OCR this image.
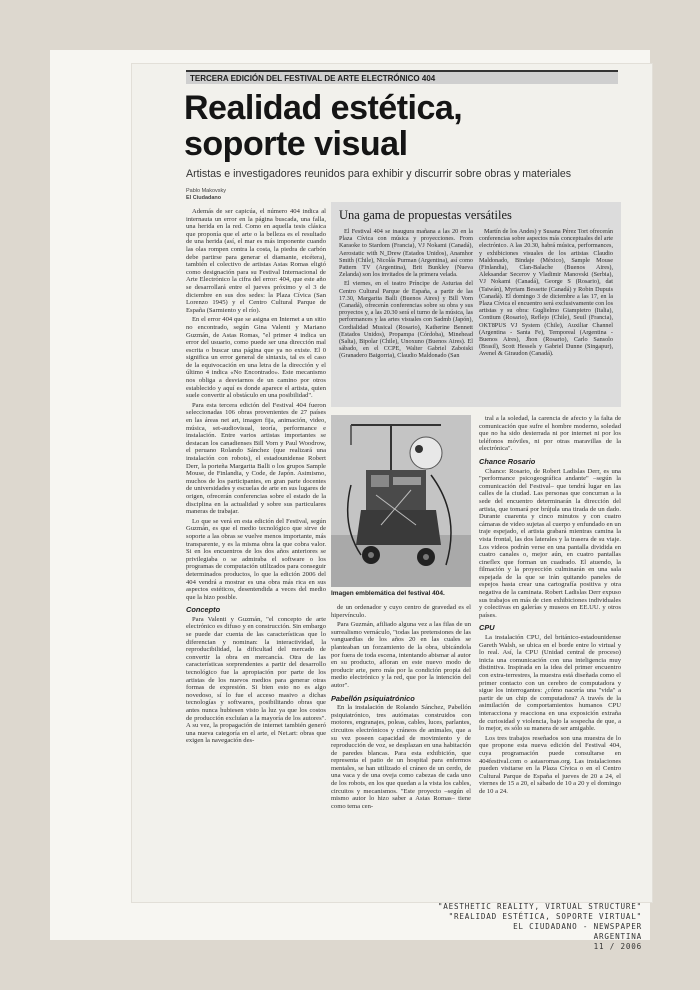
TERCERA EDICIÓN DEL FESTIVAL DE ARTE ELECTRÓNICO 404
Realidad estética,
soporte visual
Artistas e investigadores reunidos para exhibir y discurrir sobre obras y materiales
Pablo Makovsky
El Ciudadano

Además de ser capicúa, el número 404 indica al internauta un error en la página buscada, una falla, una herida en la red. Como en aquella tesis clásica que proponía que el arte o la belleza es el resultado de una herida (así, el mar es más imponente cuando las olas rompen contra la costa, la piedra de carbón debe partirse para generar el diamante, etcétera), también el colectivo de artistas Astas Romas eligió como designación para su Festival Internacional de Arte Electrónico la cifra del error: 404, que este año se desarrollará entre el jueves próximo y el 3 de diciembre en sus dos sedes: la Plaza Cívica (San Lorenzo 1945) y el Centro Cultural Parque de España (Sarmiento y el río).

En el error 404 que se asigna en Internet a un sitio no encontrado, según Gina Valenti y Mariano Guzmán, de Astas Romas, "el primer 4 indica un error del usuario, como puede ser una dirección mal escrita o buscar una página que ya no existe. El 0 significa un error general de sintaxis, tal es el caso de la equivocación en una letra de la dirección y el último 4 indica «No Encontrado». Este mecanismo nos obliga a desviarnos de un camino por otros establecido y aquí es donde aparece el artista, quien suele convertir al obstáculo en una posibilidad".

Para esta tercera edición del Festival 404 fueron seleccionadas 106 obras provenientes de 27 países en las áreas net art, imagen fija, animación, video, música, set-audiovisual, teoría, performance e instalación. Entre varios artistas importantes se destacan los canadienses Bill Vorn y Paul Woodrow, el peruano Rolando Sánchez (que realizará una instalación con robots), el estadounidense Robert Derr, la porteña Margarita Balli o los grupos Sample Mouse, de Finlandia, y Code, de Japón. Asimismo, muchos de los participantes, en gran parte docentes de universidades y escuelas de arte en sus lugares de origen, ofrecerán conferencias sobre el estado de la disciplina en la actualidad y sobre sus particulares maneras de trabajar.

Lo que se verá en esta edición del Festival, según Guzmán, es que el medio tecnológico que sirve de soporte a las obras se vuelve menos importante, más transparente, y es la misma obra la que cobra valor. Si en los encuentros de los dos años anteriores se privilegiaba o se admiraba el software o los programas de computación utilizados para conseguir determinados productos, lo que la edición 2006 del 404 vendrá a mostrar es una obra más rica en sus aspectos estéticos, desentendida a veces del medio que la hizo posible.

Concepto

Para Valenti y Guzmán, "el concepto de arte electrónico es difuso y en construcción. Sin embargo se puede dar cuenta de las características que lo diferencian y nominan: la interactividad, la reproducibilidad, la dificultad del mercado de convertir la obra en mercancía. Otra de las características sorprendentes a partir del desarrollo tecnológico fue la apropiación por parte de los artistas de los nuevos medios para generar otras formas de expresión. Si bien esto no es algo novedoso, sí lo fue el acceso masivo a dichas tecnologías y softwares, posibilitando obras que antes nunca hubiesen visto la luz ya que los costos de producción excluían a la mayoría de los autores". A su vez, la propagación de internet también generó una nueva categoría en el arte, el Net.art: obras que exigen la navegación des-

Una gama de propuestas versátiles

El Festival 404 se inaugura mañana a las 20 en la Plaza Cívica con música y proyecciones. From Karaoke to Stardom (Francia), VJ Nokami (Canadá), Aerostatic with N_Drew (Estados Unidos), Anamhor Smith (Chile), Nicolás Purman (Argentina), así como Pattern TV (Argentina), Brit Bunkley (Nueva Zelanda) son los invitados de la primera velada.

El viernes, en el teatro Príncipe de Asturias del Centro Cultural Parque de España, a partir de las 17.30, Margarita Balli (Buenos Aires) y Bill Vorn (Canadá), ofrecerán conferencias sobre su obra y sus proyectos y, a las 20.30 será el turno de la música, las performances y las artes visuales con Sadmb (Japón), Cordialidad Musical (Rosario), Katherine Bennett (Estados Unidos), Propampa (Córdoba), Minehead (Salta), Bipolar (Chile), Unoxuno (Buenos Aires). El sábado, en el CCPE, Walter Gabriel Zaboiski (Granadero Baigorria), Claudio Maldonado (San

Martín de los Andes) y Susana Pérez Tort ofrecerán conferencias sobre aspectos más conceptuales del arte electrónico. A las 20.30, habrá música, performances, y exhibiciones visuales de los artistas Claudio Maldonado, Bindaje (México), Sample Mouse (Finlandia), Clan-Balache (Buenos Aires), Aleksandar Secerov y Vladimir Manovski (Serbia), VJ Nokami (Canadá), George S (Rosario), dat (Taiwán), Myriam Bessette (Canadá) y Robin Dupuis (Canadá). El domingo 3 de diciembre a las 17, en la Plaza Cívica el encuentro será exclusivamente con los artistas y su obra: Guglielmo Giampietro (Italia), Contium (Rosario), Reflejo (Chile), Seuil (Francia), OKT8PUS VJ System (Chile), Auxiliar Channel (Argentina - Santa Fe), Temporeal (Argentina - Buenos Aires), Jhon (Rosario), Carlo Sansolo (Brasil), Scott Hessels y Gabriel Dunne (Singapur), Avenel & Giraudon (Canadá).

Imagen emblemática del festival 404.

de un ordenador y cuyo centro de gravedad es el hipervínculo.

Para Guzmán, afiliado alguna vez a las filas de un surrealismo vernáculo, "todas las pretensiones de las vanguardias de los años 20 en las cuales se planteaban un forzamiento de la obra, ubicándola por fuera de toda escena, intentando abismar al autor en su producto, afloran en este nuevo modo de producir arte, pero más por la condición propia del medio electrónico y la red, que por la intención del autor".

Pabellón psiquiatrónico

En la instalación de Rolando Sánchez, Pabellón psiquiatrónico, tres autómatas construidos con motores, engranajes, poleas, cables, luces, parlantes, circuitos electrónicos y cráneos de animales, que a su vez poseen capacidad de movimiento y de reproducción de voz, se desplazan en una habitación de paredes blancas. Para esta exhibición, que representa el patio de un hospital para enfermos mentales, se han utilizado el cráneo de un cerdo, de una vaca y de una oveja como cabezas de cada uno de los robots, en los que quedan a la vista los cables, circuitos y mecanismos. "Este proyecto –según el mismo autor lo hizo saber a Astas Romas– tiene como tema cen-

tral a la soledad, la carencia de afecto y la falta de comunicación que sufre el hombre moderno, soledad que no ha sido desterrada ni por internet ni por los teléfonos móviles, ni por otras maravillas de la electrónica".

Chance Rosario

Chance: Rosario, de Robert Ladislas Derr, es una "performance psicogeográfica andante" –según la comunicación del Festival– que tendrá lugar en las calles de la ciudad. Las personas que concurran a la sede del encuentro determinarán la dirección del artista, que tomará por brújula una tirada de un dado. Durante cuarenta y cinco minutos y con cuatro cámaras de video sujetas al cuerpo y enfundado en un traje espejado, el artista grabará mientras camina la vista frontal, las dos laterales y la trasera de su viaje. Los videos podrán verse en una pantalla dividida en cuatro canales o, mejor aún, en cuatro pantallas cineflex que forman un cuadrado. El atuendo, la filmación y la proyección culminarán en una sala espejada de la que se irán quitando paneles de espejos hasta crear una cartografía positiva y otra negativa de la caminata. Robert Ladislas Derr expuso sus trabajos en más de cien exhibiciones individuales y colectivas en galerías y museos en EE.UU. y otros países.

CPU

La instalación CPU, del británico-estadounidense Gareth Walsh, se ubica en el borde entre lo virtual y lo real. Así, la CPU (Unidad central de proceso) inicia una comunicación con una inteligencia muy distintiva. Inspirada en la idea del primer encuentro con extra-terrestres, la muestra está diseñada como el primer contacto con un cerebro de computadora y sigue los interrogantes: ¿cómo nacería una "vida" a partir de un chip de computadora? A través de la asimilación de comportamientos humanos CPU interacciona y reacciona en una exposición extraña de curiosidad y violencia, bajo la sospecha de que, a lo mejor, es sólo su manera de ser amigable.

Los tres trabajos reseñados son una muestra de lo que propone esta nueva edición del Festival 404, cuya programación puede consultarse en 404festival.com o astasromas.org. Las instalaciones pueden visitarse en la Plaza Cívica o en el Centro Cultural Parque de España el jueves de 20 a 24, el viernes de 15 a 20, el sábado de 10 a 20 y el domingo de 10 a 24.

"AESTHETIC REALITY, VIRTUAL STRUCTURE"
"REALIDAD ESTÉTICA, SOPORTE VIRTUAL"
EL CIUDADANO - NEWSPAPER
ARGENTINA
11 / 2006
